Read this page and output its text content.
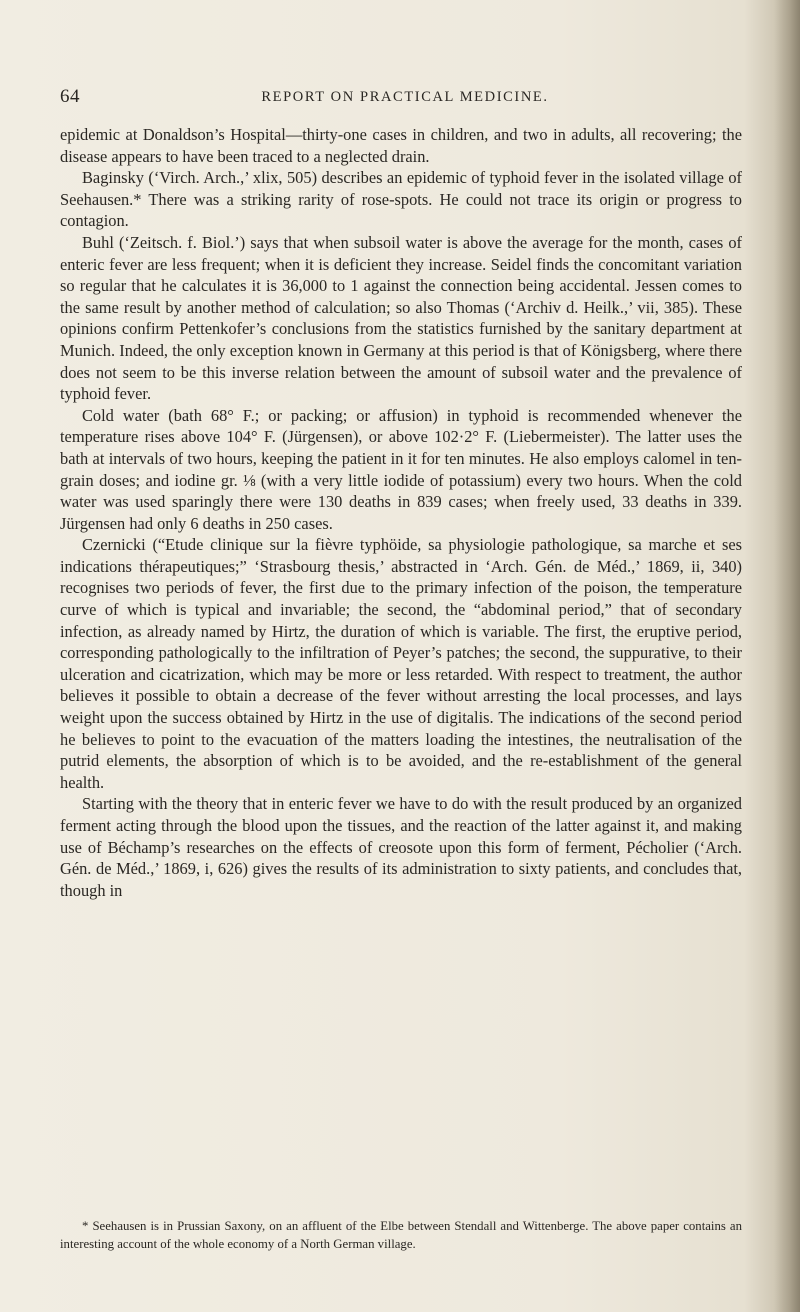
64	REPORT ON PRACTICAL MEDICINE.

epidemic at Donaldson’s Hospital—thirty-one cases in children, and two in adults, all recovering; the disease appears to have been traced to a neglected drain.

Baginsky (‘Virch. Arch.,’ xlix, 505) describes an epidemic of typhoid fever in the isolated village of Seehausen.* There was a striking rarity of rose-spots. He could not trace its origin or progress to contagion.

Buhl (‘Zeitsch. f. Biol.’) says that when subsoil water is above the average for the month, cases of enteric fever are less frequent; when it is deficient they increase. Seidel finds the concomitant variation so regular that he calculates it is 36,000 to 1 against the connection being accidental. Jessen comes to the same result by another method of calculation; so also Thomas (‘Archiv d. Heilk.,’ vii, 385). These opinions confirm Pettenkofer’s conclusions from the statistics furnished by the sanitary department at Munich. Indeed, the only exception known in Germany at this period is that of Königsberg, where there does not seem to be this inverse relation between the amount of subsoil water and the prevalence of typhoid fever.

Cold water (bath 68° F.; or packing; or affusion) in typhoid is recommended whenever the temperature rises above 104° F. (Jürgensen), or above 102·2° F. (Liebermeister). The latter uses the bath at intervals of two hours, keeping the patient in it for ten minutes. He also employs calomel in ten-grain doses; and iodine gr. ⅛ (with a very little iodide of potassium) every two hours. When the cold water was used sparingly there were 130 deaths in 839 cases; when freely used, 33 deaths in 339. Jürgensen had only 6 deaths in 250 cases.

Czernicki (“Etude clinique sur la fièvre typhöide, sa physiologie pathologique, sa marche et ses indications thérapeutiques;” ‘Strasbourg thesis,’ abstracted in ‘Arch. Gén. de Méd.,’ 1869, ii, 340) recognises two periods of fever, the first due to the primary infection of the poison, the temperature curve of which is typical and invariable; the second, the “abdominal period,” that of secondary infection, as already named by Hirtz, the duration of which is variable. The first, the eruptive period, corresponding pathologically to the infiltration of Peyer’s patches; the second, the suppurative, to their ulceration and cicatrization, which may be more or less retarded. With respect to treatment, the author believes it possible to obtain a decrease of the fever without arresting the local processes, and lays weight upon the success obtained by Hirtz in the use of digitalis. The indications of the second period he believes to point to the evacuation of the matters loading the intestines, the neutralisation of the putrid elements, the absorption of which is to be avoided, and the re-establishment of the general health.

Starting with the theory that in enteric fever we have to do with the result produced by an organized ferment acting through the blood upon the tissues, and the reaction of the latter against it, and making use of Béchamp’s researches on the effects of creosote upon this form of ferment, Pécholier (‘Arch. Gén. de Méd.,’ 1869, i, 626) gives the results of its administration to sixty patients, and concludes that, though in

* Seehausen is in Prussian Saxony, on an affluent of the Elbe between Stendall and Wittenberge. The above paper contains an interesting account of the whole economy of a North German village.
